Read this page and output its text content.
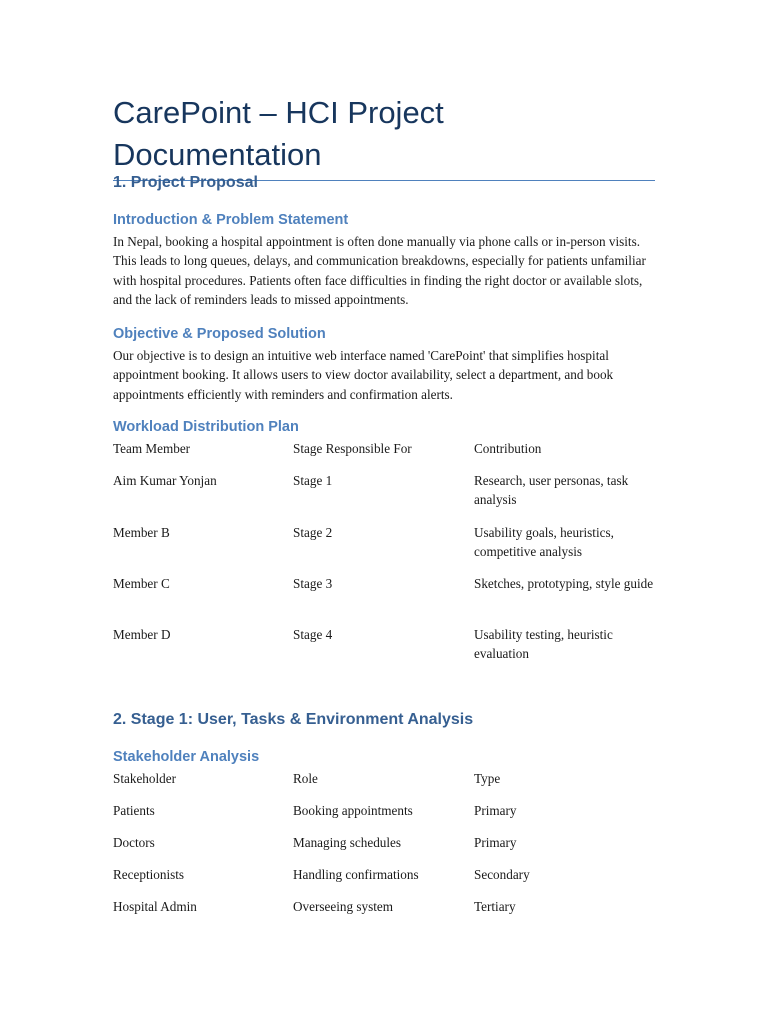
CarePoint – HCI Project Documentation
1. Project Proposal
Introduction & Problem Statement

In Nepal, booking a hospital appointment is often done manually via phone calls or in-person visits. This leads to long queues, delays, and communication breakdowns, especially for patients unfamiliar with hospital procedures. Patients often face difficulties in finding the right doctor or available slots, and the lack of reminders leads to missed appointments.

Objective & Proposed Solution

Our objective is to design an intuitive web interface named 'CarePoint' that simplifies hospital appointment booking. It allows users to view doctor availability, select a department, and book appointments efficiently with reminders and confirmation alerts.

Workload Distribution Plan
Team Member	Stage Responsible For	Contribution
Aim Kumar Yonjan	Stage 1	Research, user personas, task analysis
Member B	Stage 2	Usability goals, heuristics, competitive analysis
Member C	Stage 3	Sketches, prototyping, style guide
Member D	Stage 4	Usability testing, heuristic evaluation
2. Stage 1: User, Tasks & Environment Analysis
Stakeholder Analysis
Stakeholder	Role	Type
Patients	Booking appointments	Primary
Doctors	Managing schedules	Primary
Receptionists	Handling confirmations	Secondary
Hospital Admin	Overseeing system	Tertiary
